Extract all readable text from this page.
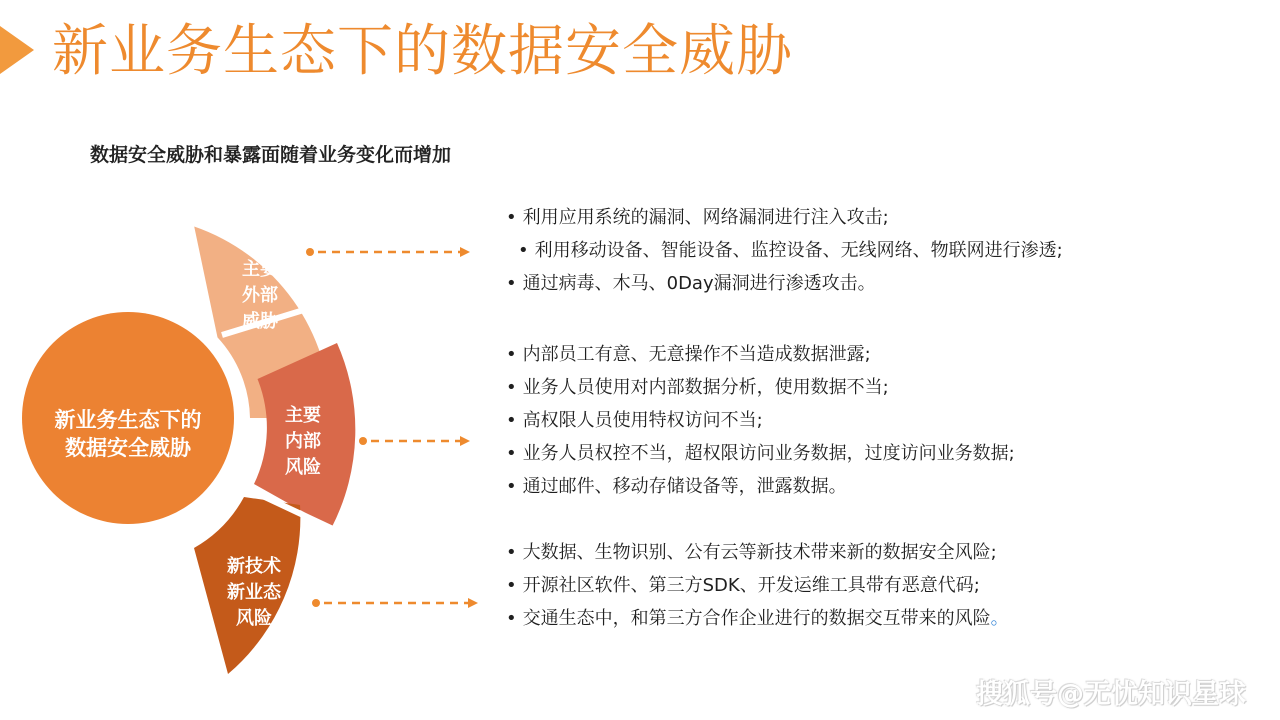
新业务生态下的数据安全威胁
数据安全威胁和暴露面随着业务变化而增加
新业务生态下的
数据安全威胁
主要
外部
威胁
主要
内部
风险
新技术
新业态
风险
• 利用应用系统的漏洞、网络漏洞进行注入攻击;
• 利用移动设备、智能设备、监控设备、无线网络、物联网进行渗透;
• 通过病毒、木马、0Day漏洞进行渗透攻击。
• 内部员工有意、无意操作不当造成数据泄露;
• 业务人员使用对内部数据分析，使用数据不当;
• 高权限人员使用特权访问不当;
• 业务人员权控不当，超权限访问业务数据，过度访问业务数据;
• 通过邮件、移动存储设备等，泄露数据。
• 大数据、生物识别、公有云等新技术带来新的数据安全风险;
• 开源社区软件、第三方SDK、开发运维工具带有恶意代码;
• 交通生态中，和第三方合作企业进行的数据交互带来的风险。
搜狐号@无忧知识星球
